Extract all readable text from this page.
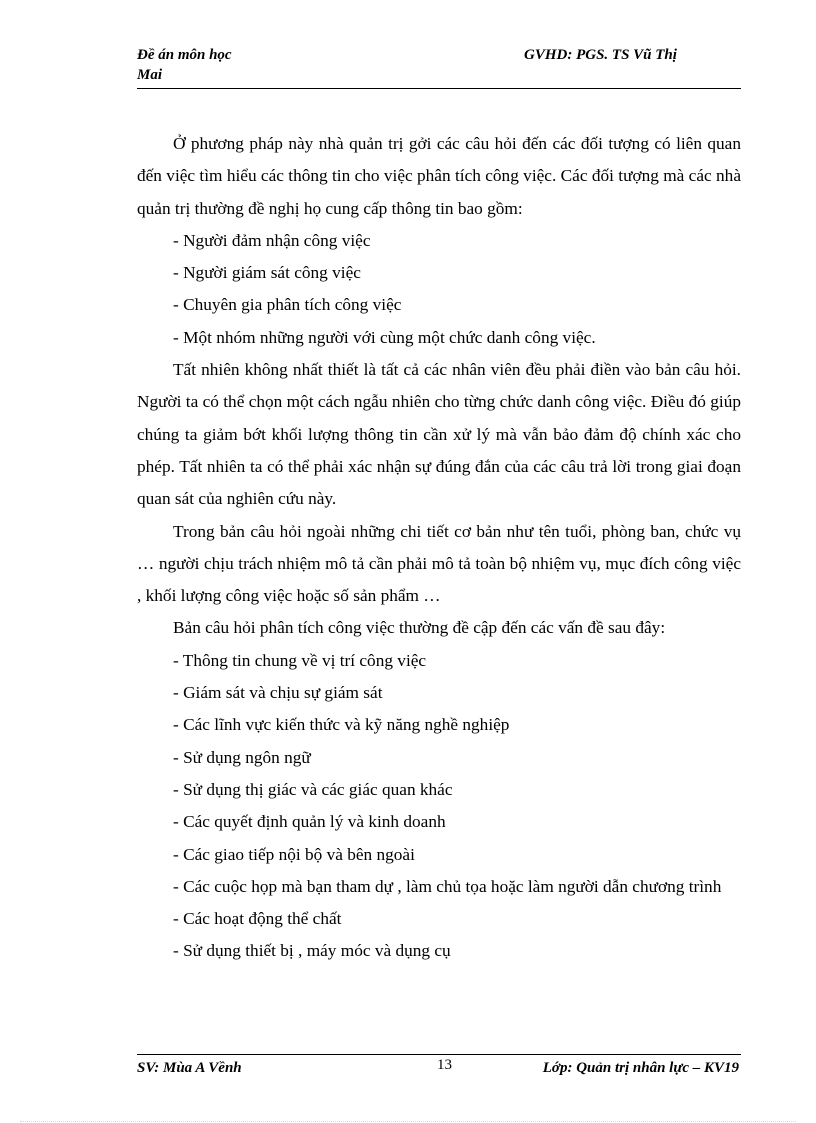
Đề án môn học	GVHD: PGS. TS Vũ Thị
Mai

Ở phương pháp này nhà quản trị gởi các câu hỏi đến các đối tượng có liên quan đến việc tìm hiểu các thông tin cho việc phân tích công việc. Các đối tượng mà các nhà quản trị thường đề nghị họ cung cấp thông tin bao gồm:

- Người đảm nhận công việc
- Người giám sát công việc
- Chuyên gia phân tích công việc
- Một nhóm những người với cùng một chức danh công việc.

Tất nhiên không nhất thiết là tất cả các nhân viên đều phải điền vào bản câu hỏi. Người ta có thể chọn một cách ngẫu nhiên cho từng chức danh công việc. Điều đó giúp chúng ta giảm bớt khối lượng thông tin cần xử lý mà vẫn bảo đảm độ chính xác cho phép. Tất nhiên ta có thể phải xác nhận sự đúng đắn của các câu trả lời trong giai đoạn quan sát của nghiên cứu này.

Trong bản câu hỏi ngoài những chi tiết cơ bản như tên tuổi, phòng ban, chức vụ … người chịu trách nhiệm mô tả cần phải mô tả toàn bộ nhiệm vụ, mục đích công việc , khối lượng công việc hoặc số sản phẩm …

Bản câu hỏi phân tích công việc thường đề cập đến các vấn đề sau đây:

- Thông tin chung về vị trí công việc
- Giám sát và chịu sự giám sát
- Các lĩnh vực kiến thức và kỹ năng nghề nghiệp
- Sử dụng ngôn ngữ
- Sử dụng thị giác và các giác quan khác
- Các quyết định quản lý và kinh doanh
- Các giao tiếp nội bộ và bên ngoài
- Các cuộc họp mà bạn tham dự , làm chủ tọa hoặc làm người dẫn chương trình
- Các hoạt động thể chất
- Sử dụng thiết bị , máy móc và dụng cụ
SV: Mùa A Vềnh	13	Lớp: Quản trị nhân lực – KV19
